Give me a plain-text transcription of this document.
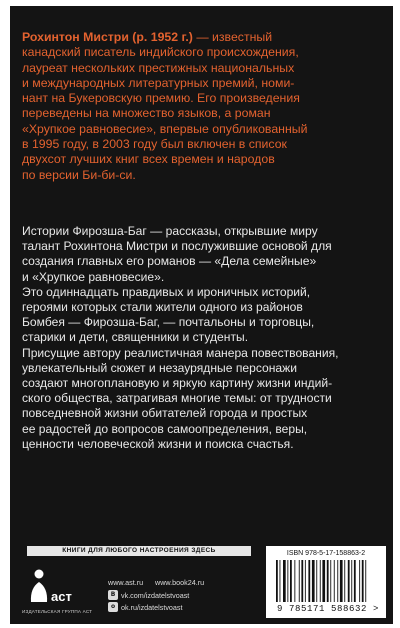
Рохинтон Мистри (р. 1952 г.) — известный
канадский писатель индийского происхождения,
лауреат нескольких престижных национальных
и международных литературных премий, номи-
нант на Букеровскую премию. Его произведения
переведены на множество языков, а роман
«Хрупкое равновесие», впервые опубликованный
в 1995 году, в 2003 году был включен в список
двухсот лучших книг всех времен и народов
по версии Би-би-си.

Истории Фирозша-Баг — рассказы, открывшие миру
талант Рохинтона Мистри и послужившие основой для
создания главных его романов — «Дела семейные»
и «Хрупкое равновесие».

Это одиннадцать правдивых и ироничных историй,
героями которых стали жители одного из районов
Бомбея — Фирозша-Баг, — почтальоны и торговцы,
старики и дети, священники и студенты.

Присущие автору реалистичная манера повествования,
увлекательный сюжет и незаурядные персонажи
создают многоплановую и яркую картину жизни индий-
ского общества, затрагивая многие темы: от трудности
повседневной жизни обитателей города и простых
ее радостей до вопросов самоопределения, веры,
ценности человеческой жизни и поиска счастья.

КНИГИ ДЛЯ ЛЮБОГО НАСТРОЕНИЯ ЗДЕСЬ
аст
ИЗДАТЕЛЬСКАЯ ГРУППА АСТ
www.ast.ru www.book24.ru
B vk.com/izdatelstvoast
o ok.ru/izdatelstvoast
ISBN 978-5-17-158863-2
9 785171 588632 >
